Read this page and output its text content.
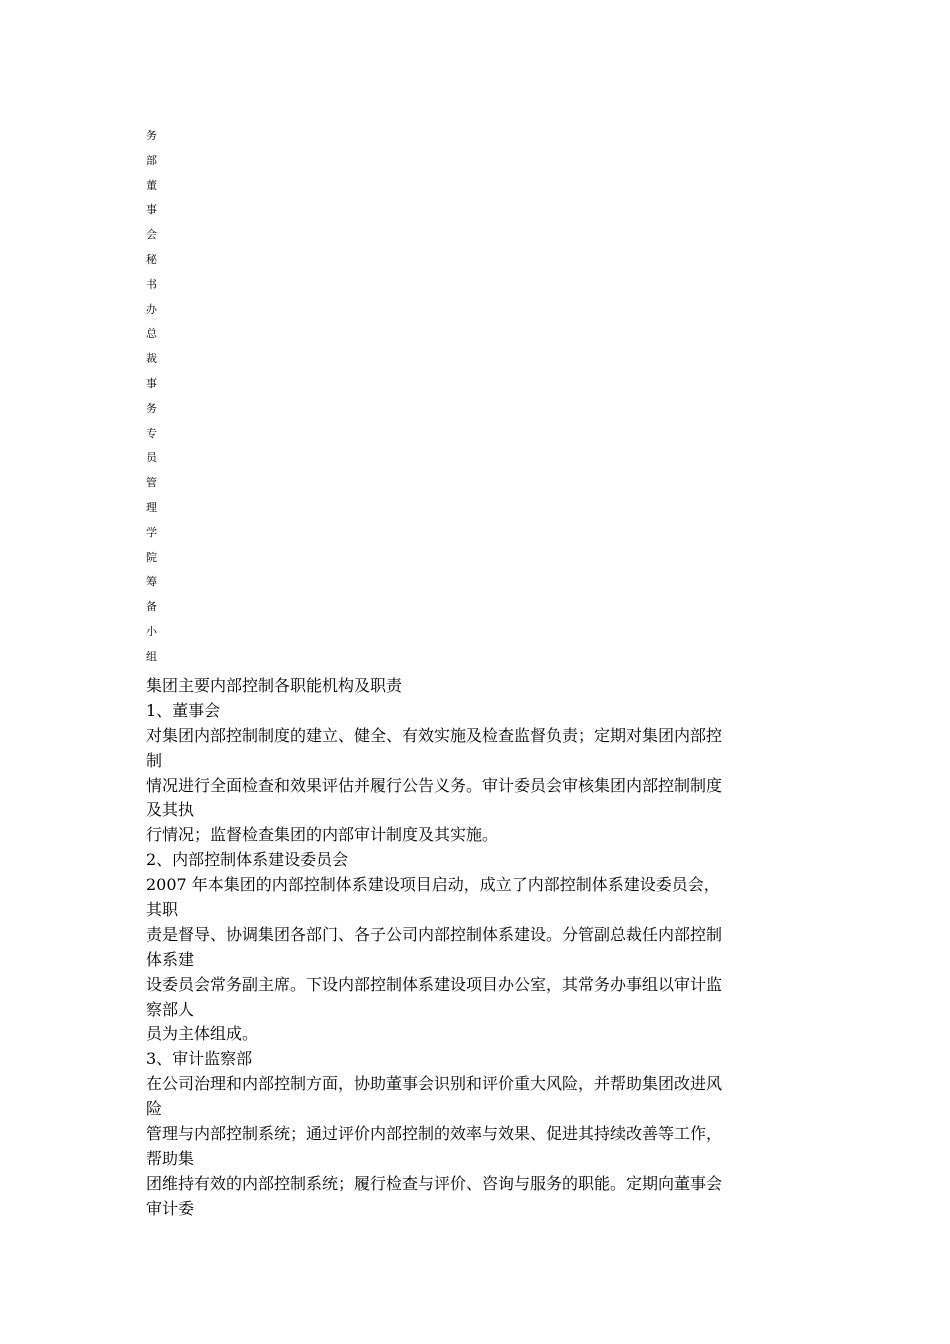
务
部
董
事
会
秘
书
办
总
裁
事
务
专
员
管
理
学
院
筹
备
小
组
集团主要内部控制各职能机构及职责
1、董事会
对集团内部控制制度的建立、健全、有效实施及检查监督负责；定期对集团内部控
制
情况进行全面检查和效果评估并履行公告义务。审计委员会审核集团内部控制制度
及其执
行情况；监督检查集团的内部审计制度及其实施。
2、内部控制体系建设委员会
2007 年本集团的内部控制体系建设项目启动，成立了内部控制体系建设委员会，
其职
责是督导、协调集团各部门、各子公司内部控制体系建设。分管副总裁任内部控制
体系建
设委员会常务副主席。下设内部控制体系建设项目办公室，其常务办事组以审计监
察部人
员为主体组成。
3、审计监察部
在公司治理和内部控制方面，协助董事会识别和评价重大风险，并帮助集团改进风
险
管理与内部控制系统；通过评价内部控制的效率与效果、促进其持续改善等工作，
帮助集
团维持有效的内部控制系统；履行检查与评价、咨询与服务的职能。定期向董事会
审计委
